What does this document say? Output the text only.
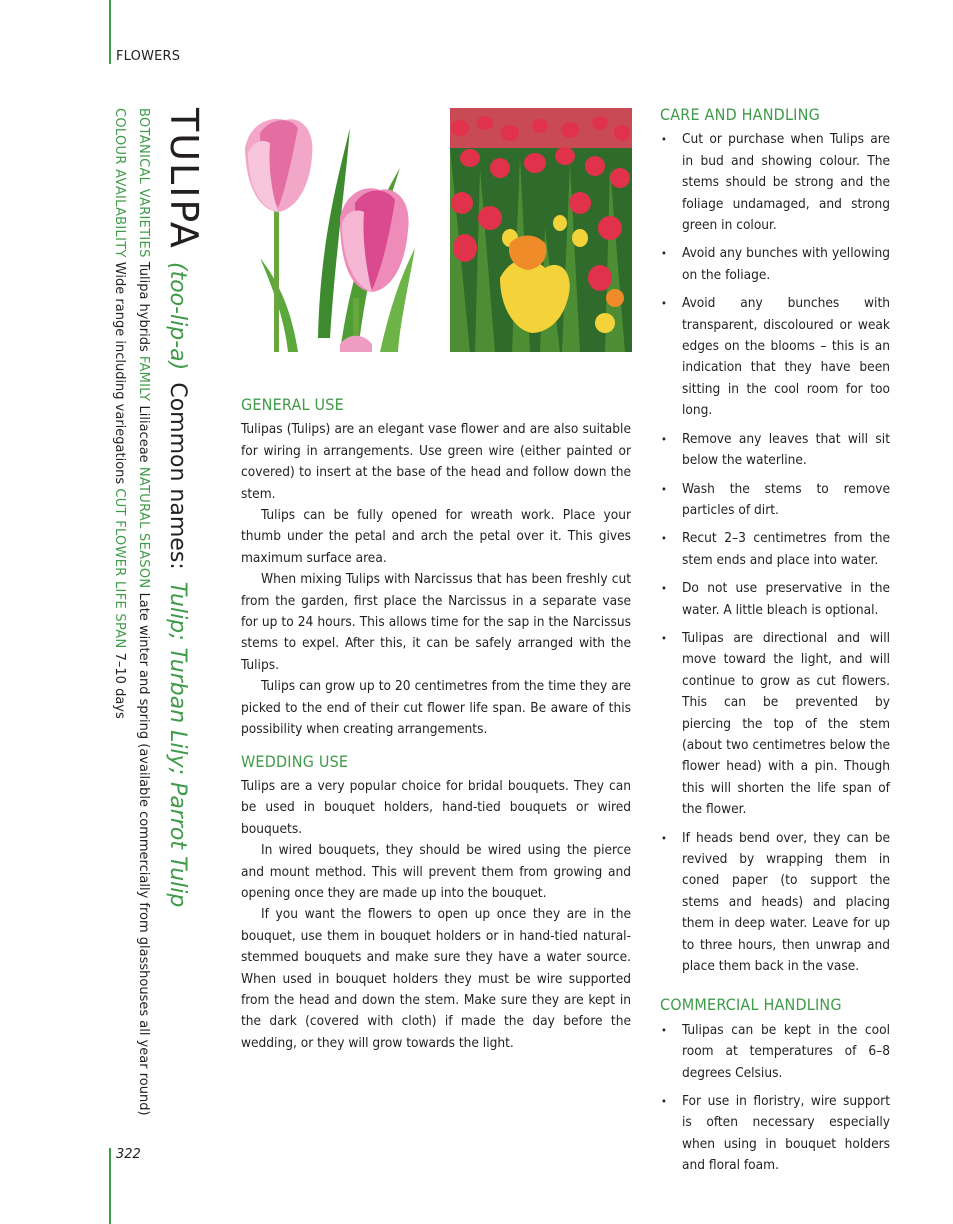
FLOWERS
TULIPA (too-lip-a) Common names: Tulip; Turban Lily; Parrot Tulip
BOTANICAL VARIETIES Tulipa hybrids FAMILY Liliaceae NATURAL SEASON Late winter and spring (available commercially from glasshouses all year round)
COLOUR AVAILABILITY Wide range including variegations CUT FLOWER LIFE SPAN 7–10 days
GENERAL USE

Tulipas (Tulips) are an elegant vase flower and are also suitable for wiring in arrangements. Use green wire (either painted or covered) to insert at the base of the head and follow down the stem.

Tulips can be fully opened for wreath work. Place your thumb under the petal and arch the petal over it. This gives maximum surface area.

When mixing Tulips with Narcissus that has been freshly cut from the garden, first place the Narcissus in a separate vase for up to 24 hours. This allows time for the sap in the Narcissus stems to expel. After this, it can be safely arranged with the Tulips.

Tulips can grow up to 20 centimetres from the time they are picked to the end of their cut flower life span. Be aware of this possibility when creating arrangements.

WEDDING USE

Tulips are a very popular choice for bridal bouquets. They can be used in bouquet holders, hand-tied bouquets or wired bouquets.

In wired bouquets, they should be wired using the pierce and mount method. This will prevent them from growing and opening once they are made up into the bouquet.

If you want the flowers to open up once they are in the bouquet, use them in bouquet holders or in hand-tied natural-stemmed bouquets and make sure they have a water source. When used in bouquet holders they must be wire supported from the head and down the stem. Make sure they are kept in the dark (covered with cloth) if made the day before the wedding, or they will grow towards the light.

CARE AND HANDLING
• Cut or purchase when Tulips are in bud and showing colour. The stems should be strong and the foliage undamaged, and strong green in colour.
• Avoid any bunches with yellowing on the foliage.
• Avoid any bunches with transparent, discoloured or weak edges on the blooms – this is an indication that they have been sitting in the cool room for too long.
• Remove any leaves that will sit below the waterline.
• Wash the stems to remove particles of dirt.
• Recut 2–3 centimetres from the stem ends and place into water.
• Do not use preservative in the water. A little bleach is optional.
• Tulipas are directional and will move toward the light, and will continue to grow as cut flowers. This can be prevented by piercing the top of the stem (about two centimetres below the flower head) with a pin. Though this will shorten the life span of the flower.
• If heads bend over, they can be revived by wrapping them in coned paper (to support the stems and heads) and placing them in deep water. Leave for up to three hours, then unwrap and place them back in the vase.
COMMERCIAL HANDLING
• Tulipas can be kept in the cool room at temperatures of 6–8 degrees Celsius.
• For use in floristry, wire support is often necessary especially when using in bouquet holders and floral foam.
322
